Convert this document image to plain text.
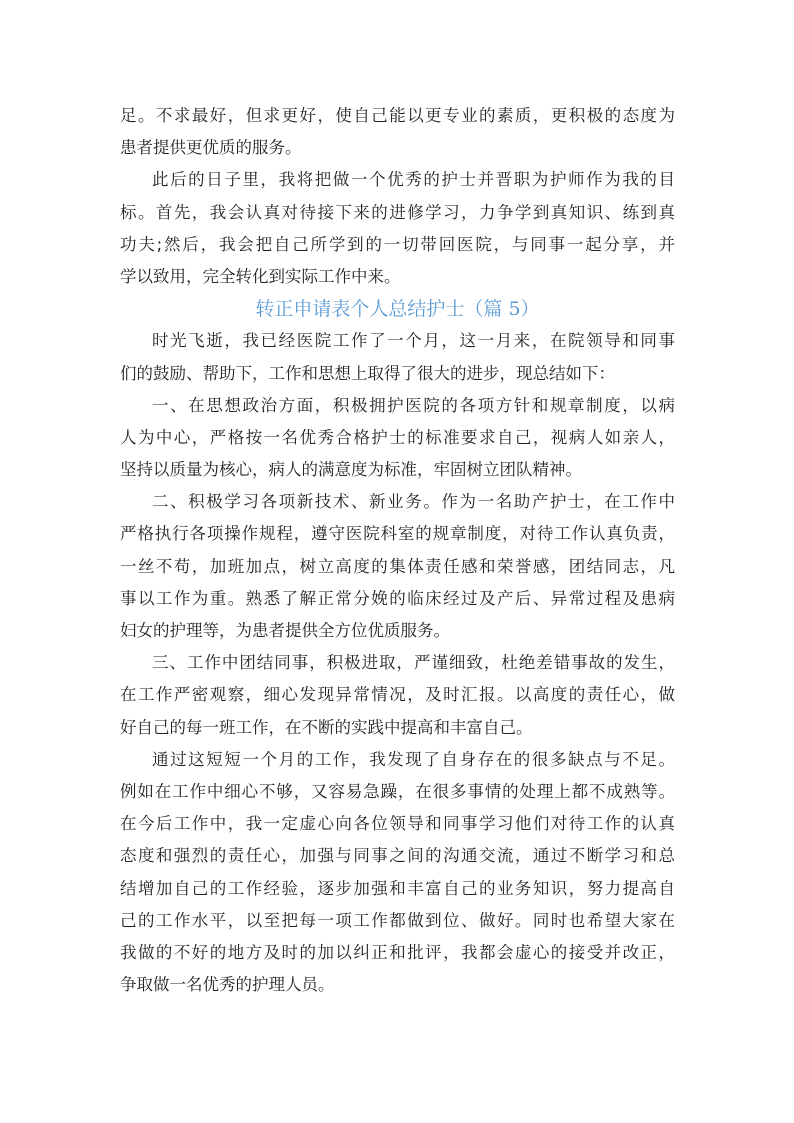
足。不求最好，但求更好，使自己能以更专业的素质，更积极的态度为
患者提供更优质的服务。
此后的日子里，我将把做一个优秀的护士并晋职为护师作为我的目
标。首先，我会认真对待接下来的进修学习，力争学到真知识、练到真
功夫;然后，我会把自己所学到的一切带回医院，与同事一起分享，并
学以致用，完全转化到实际工作中来。
转正申请表个人总结护士（篇 5）
时光飞逝，我已经医院工作了一个月，这一月来，在院领导和同事
们的鼓励、帮助下，工作和思想上取得了很大的进步，现总结如下：
一、在思想政治方面，积极拥护医院的各项方针和规章制度，以病
人为中心，严格按一名优秀合格护士的标准要求自己，视病人如亲人，
坚持以质量为核心，病人的满意度为标准，牢固树立团队精神。
二、积极学习各项新技术、新业务。作为一名助产护士，在工作中
严格执行各项操作规程，遵守医院科室的规章制度，对待工作认真负责，
一丝不苟，加班加点，树立高度的集体责任感和荣誉感，团结同志，凡
事以工作为重。熟悉了解正常分娩的临床经过及产后、异常过程及患病
妇女的护理等，为患者提供全方位优质服务。
三、工作中团结同事，积极进取，严谨细致，杜绝差错事故的发生，
在工作严密观察，细心发现异常情况，及时汇报。以高度的责任心，做
好自己的每一班工作，在不断的实践中提高和丰富自己。
通过这短短一个月的工作，我发现了自身存在的很多缺点与不足。
例如在工作中细心不够，又容易急躁，在很多事情的处理上都不成熟等。
在今后工作中，我一定虚心向各位领导和同事学习他们对待工作的认真
态度和强烈的责任心，加强与同事之间的沟通交流，通过不断学习和总
结增加自己的工作经验，逐步加强和丰富自己的业务知识，努力提高自
己的工作水平，以至把每一项工作都做到位、做好。同时也希望大家在
我做的不好的地方及时的加以纠正和批评，我都会虚心的接受并改正，
争取做一名优秀的护理人员。
